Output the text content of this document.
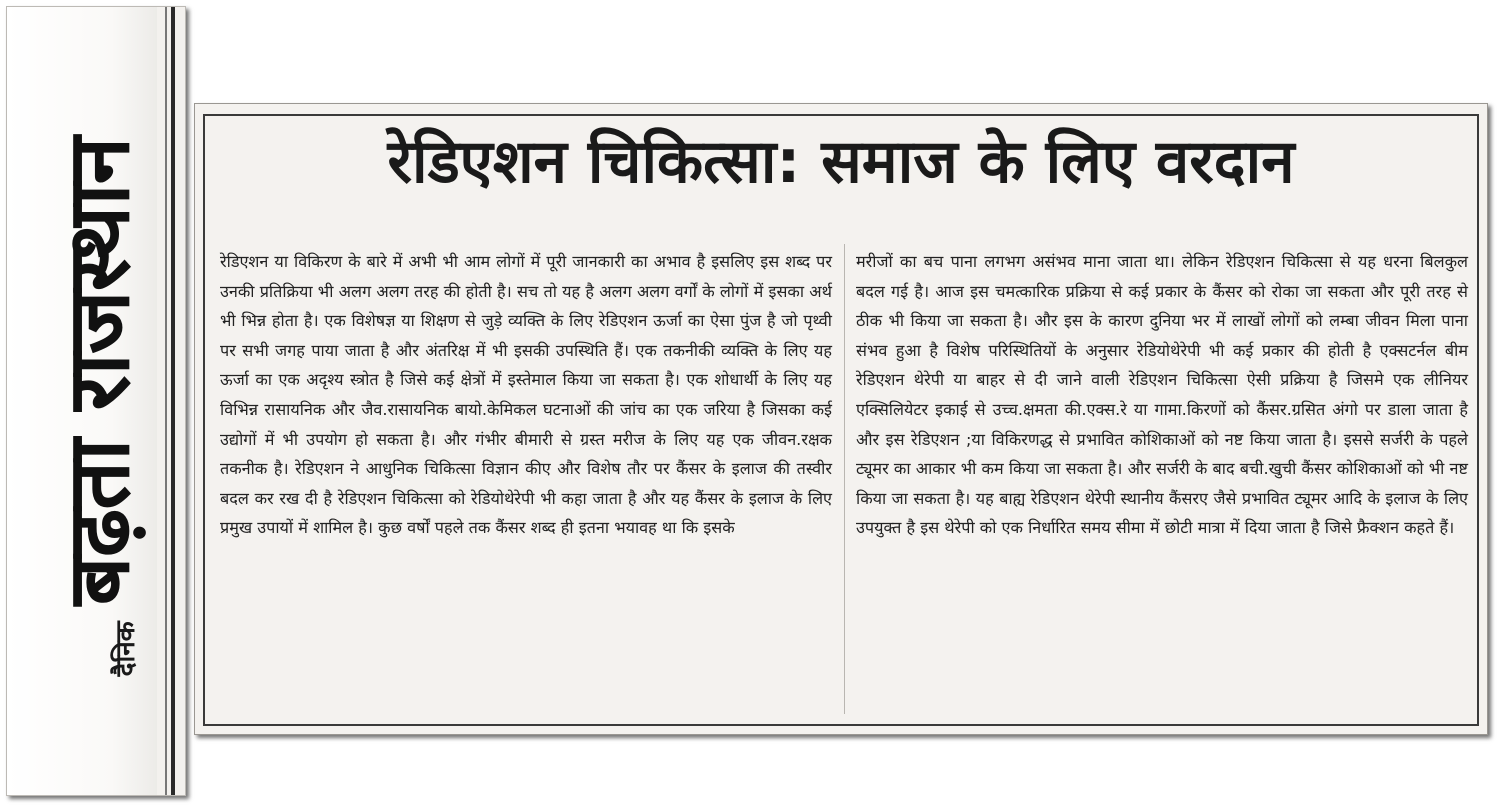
दैनिक
बढ़ता राजस्थान	रेडिएशन चिकित्सा: समाज के लिए वरदान

रेडिएशन या विकिरण के बारे में अभी भी आम लोगों में पूरी जानकारी का अभाव है इसलिए इस शब्द पर उनकी प्रतिक्रिया भी अलग अलग तरह की होती है। सच तो यह है अलग अलग वर्गों के लोगों में इसका अर्थ भी भिन्न होता है। एक विशेषज्ञ या शिक्षण से जुड़े व्यक्ति के लिए रेडिएशन ऊर्जा का ऐसा पुंज है जो पृथ्वी पर सभी जगह पाया जाता है और अंतरिक्ष में भी इसकी उपस्थिति हैं। एक तकनीकी व्यक्ति के लिए यह ऊर्जा का एक अदृश्य स्त्रोत है जिसे कई क्षेत्रों में इस्तेमाल किया जा सकता है। एक शोधार्थी के लिए यह विभिन्न रासायनिक और जैव.रासायनिक बायो.केमिकल घटनाओं की जांच का एक जरिया है जिसका कई उद्योगों में भी उपयोग हो सकता है। और गंभीर बीमारी से ग्रस्त मरीज के लिए यह एक जीवन.रक्षक तकनीक है। रेडिएशन ने आधुनिक चिकित्सा विज्ञान कीए और विशेष तौर पर कैंसर के इलाज की तस्वीर बदल कर रख दी है रेडिएशन चिकित्सा को रेडियोथेरेपी भी कहा जाता है और यह कैंसर के इलाज के लिए प्रमुख उपायों में शामिल है। कुछ वर्षों पहले तक कैंसर शब्द ही इतना भयावह था कि इसके

मरीजों का बच पाना लगभग असंभव माना जाता था। लेकिन रेडिएशन चिकित्सा से यह धरना बिलकुल बदल गई है। आज इस चमत्कारिक प्रक्रिया से कई प्रकार के कैंसर को रोका जा सकता और पूरी तरह से ठीक भी किया जा सकता है। और इस के कारण दुनिया भर में लाखों लोगों को लम्बा जीवन मिला पाना संभव हुआ है विशेष परिस्थितियों के अनुसार रेडियोथेरेपी भी कई प्रकार की होती है एक्सटर्नल बीम रेडिएशन थेरेपी या बाहर से दी जाने वाली रेडिएशन चिकित्सा ऐसी प्रक्रिया है जिसमे एक लीनियर एक्सिलियेटर इकाई से उच्च.क्षमता की.एक्स.रे या गामा.किरणों को कैंसर.ग्रसित अंगो पर डाला जाता है और इस रेडिएशन ;या विकिरणद्ध से प्रभावित कोशिकाओं को नष्ट किया जाता है। इससे सर्जरी के पहले ट्यूमर का आकार भी कम किया जा सकता है। और सर्जरी के बाद बची.खुची कैंसर कोशिकाओं को भी नष्ट किया जा सकता है। यह बाह्य रेडिएशन थेरेपी स्थानीय कैंसरए जैसे प्रभावित ट्यूमर आदि के इलाज के लिए उपयुक्त है इस थेरेपी को एक निर्धारित समय सीमा में छोटी मात्रा में दिया जाता है जिसे फ्रैक्शन कहते हैं।
